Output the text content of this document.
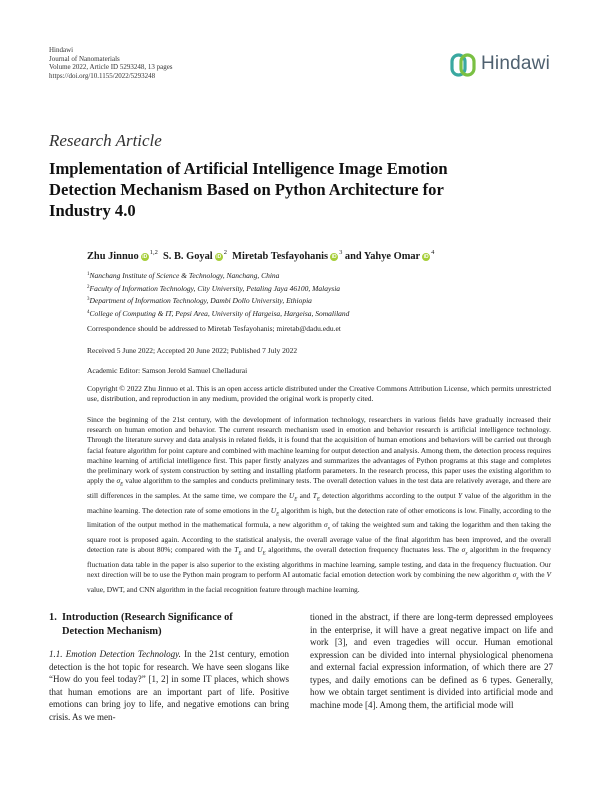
Hindawi
Journal of Nanomaterials
Volume 2022, Article ID 5293248, 13 pages
https://doi.org/10.1155/2022/5293248
Hindawi
Research Article
Implementation of Artificial Intelligence Image Emotion Detection Mechanism Based on Python Architecture for Industry 4.0
Zhu Jinnuo iD$^{1,2}$ S. B. Goyal $iD^2$ Miretab Tesfayohanis $iD^3$ and Yahye Omar $iD^4$
$^1$Nanchang Institute of Science & Technology, Nanchang, China
$^2$Faculty of Information Technology, City University, Petaling Jaya 46100, Malaysia
$^3$Department of Information Technology, Dambi Dollo University, Ethiopia
$^4$College of Computing & IT, Pepsi Area, University of Hargeisa, Hargeisa, Somaliland
Correspondence should be addressed to Miretab Tesfayohanis; miretab@dadu.edu.et
Received 5 June 2022; Accepted 20 June 2022; Published 7 July 2022
Academic Editor: Samson Jerold Samuel Chelladurai
Copyright © 2022 Zhu Jinnuo et al. This is an open access article distributed under the Creative Commons Attribution License, which permits unrestricted use, distribution, and reproduction in any medium, provided the original work is properly cited.
Since the beginning of the 21st century, with the development of information technology, researchers in various fields have gradually increased their research on human emotion and behavior. The current research mechanism used in emotion and behavior research is artificial intelligence technology. Through the literature survey and data analysis in related fields, it is found that the acquisition of human emotions and behaviors will be carried out through facial feature algorithm for point capture and combined with machine learning for output detection and analysis. Among them, the detection process requires machine learning of artificial intelligence first. This paper firstly analyzes and summarizes the advantages of Python programs at this stage and completes the preliminary work of system construction by setting and installing platform parameters. In the research process, this paper uses the existing algorithm to apply the $\sigma_E$ value algorithm to the samples and conducts preliminary tests. The overall detection values in the test data are relatively average, and there are still differences in the samples. At the same time, we compare the $U_E$ and $T_E$ detection algorithms according to the output Y value of the algorithm in the machine learning. The detection rate of some emotions in the $U_E$ algorithm is high, but the detection rate of other emoticons is low. Finally, according to the limitation of the output method in the mathematical formula, a new algorithm $\sigma_x$ of taking the weighted sum and taking the logarithm and then taking the square root is proposed again. According to the statistical analysis, the overall average value of the final algorithm has been improved, and the overall detection rate is about 80%; compared with the $T_E$ and $U_E$ algorithms, the overall detection frequency fluctuates less. The $\sigma_x$ algorithm in the frequency fluctuation data table in the paper is also superior to the existing algorithms in machine learning, sample testing, and data in the frequency fluctuation. Our next direction will be to use the Python main program to perform AI automatic facial emotion detection work by combining the new algorithm $\sigma_x$ with the V value, DWT, and CNN algorithm in the facial recognition feature through machine learning.
1. Introduction (Research Significance of
Detection Mechanism)
1.1. Emotion Detection Technology. In the 21st century, emotion detection is the hot topic for research. We have seen slogans like “How do you feel today?” [1, 2] in some IT places, which shows that human emotions are an important part of life. Positive emotions can bring joy to life, and negative emotions can bring crisis. As we men-
tioned in the abstract, if there are long-term depressed employees in the enterprise, it will have a great negative impact on life and work [3], and even tragedies will occur. Human emotional expression can be divided into internal physiological phenomena and external facial expression information, of which there are 27 types, and daily emotions can be defined as 6 types. Generally, how we obtain target sentiment is divided into artificial mode and machine mode [4]. Among them, the artificial mode will
